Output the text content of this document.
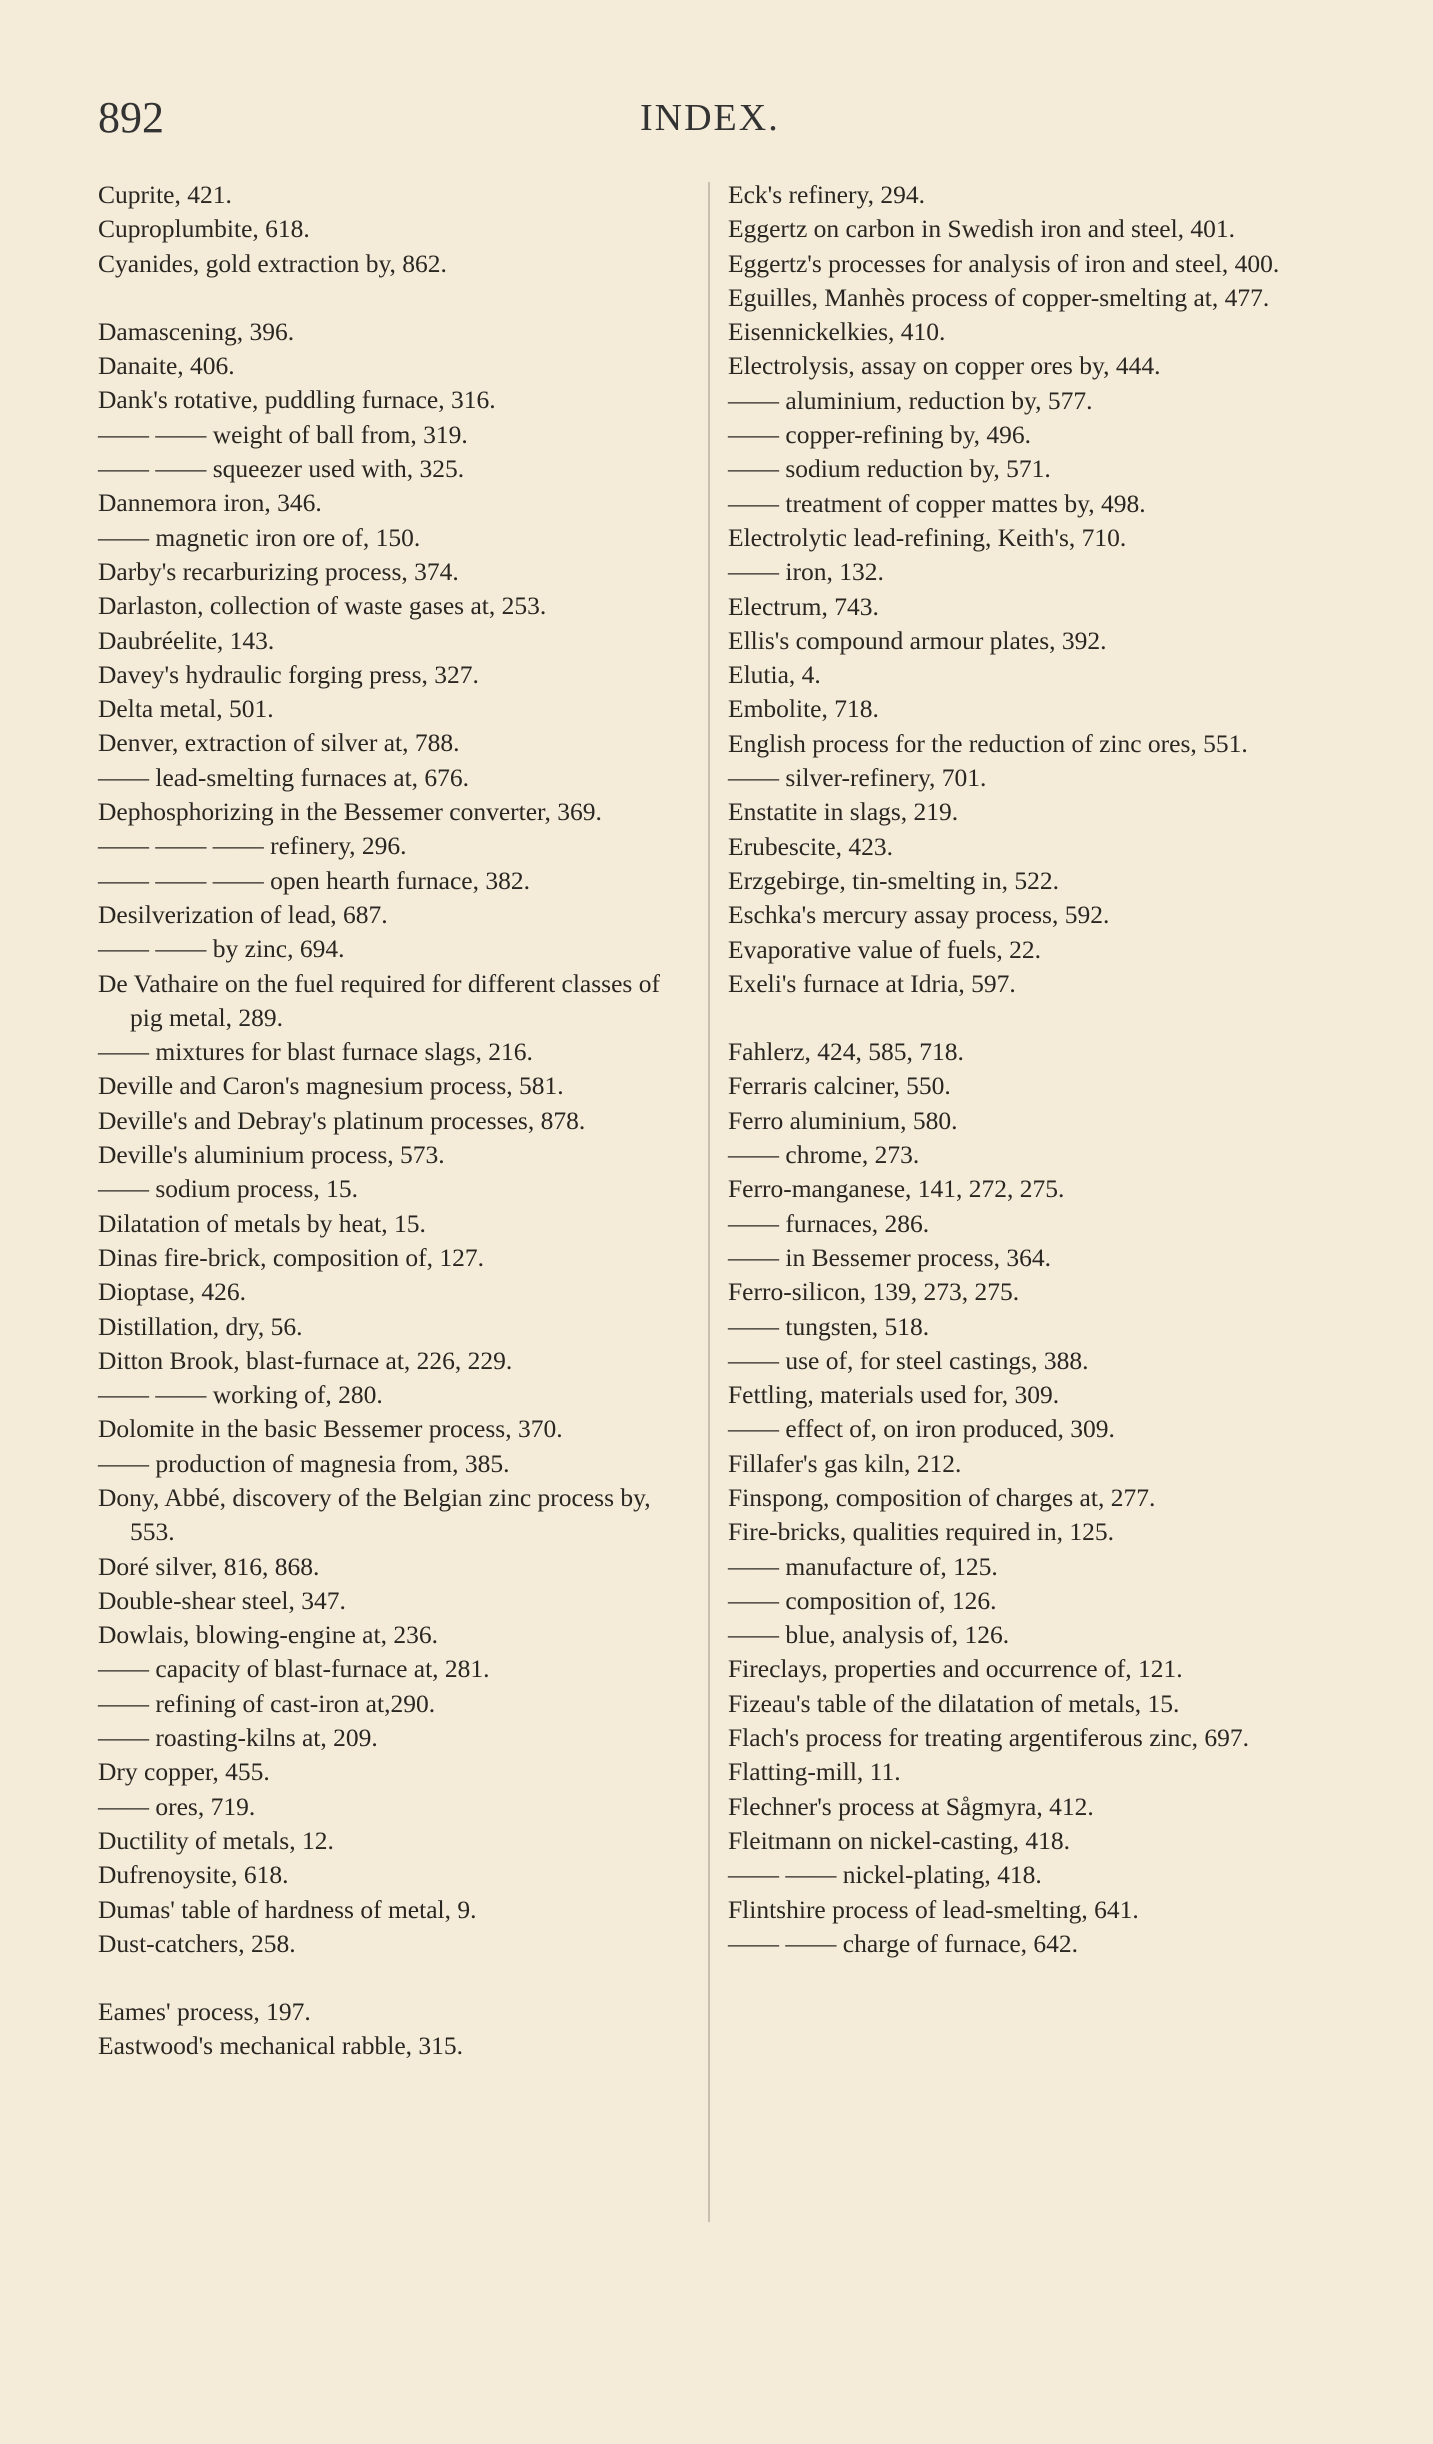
892	INDEX.
Cuprite, 421.
Cuproplumbite, 618.
Cyanides, gold extraction by, 862.
Damascening, 396.
Danaite, 406.
Dank's rotative, puddling furnace, 316.
—— —— weight of ball from, 319.
—— —— squeezer used with, 325.
Dannemora iron, 346.
—— magnetic iron ore of, 150.
Darby's recarburizing process, 374.
Darlaston, collection of waste gases at, 253.
Daubréelite, 143.
Davey's hydraulic forging press, 327.
Delta metal, 501.
Denver, extraction of silver at, 788.
—— lead-smelting furnaces at, 676.
Dephosphorizing in the Bessemer converter, 369.
—— —— —— refinery, 296.
—— —— —— open hearth furnace, 382.
Desilverization of lead, 687.
—— —— by zinc, 694.
De Vathaire on the fuel required for different classes of pig metal, 289.
—— mixtures for blast furnace slags, 216.
Deville and Caron's magnesium process, 581.
Deville's and Debray's platinum processes, 878.
Deville's aluminium process, 573.
—— sodium process, 15.
Dilatation of metals by heat, 15.
Dinas fire-brick, composition of, 127.
Dioptase, 426.
Distillation, dry, 56.
Ditton Brook, blast-furnace at, 226, 229.
—— —— working of, 280.
Dolomite in the basic Bessemer process, 370.
—— production of magnesia from, 385.
Dony, Abbé, discovery of the Belgian zinc process by, 553.
Doré silver, 816, 868.
Double-shear steel, 347.
Dowlais, blowing-engine at, 236.
—— capacity of blast-furnace at, 281.
—— refining of cast-iron at,290.
—— roasting-kilns at, 209.
Dry copper, 455.
—— ores, 719.
Ductility of metals, 12.
Dufrenoysite, 618.
Dumas' table of hardness of metal, 9.
Dust-catchers, 258.
Eames' process, 197.
Eastwood's mechanical rabble, 315.
Eck's refinery, 294.
Eggertz on carbon in Swedish iron and steel, 401.
Eggertz's processes for analysis of iron and steel, 400.
Eguilles, Manhès process of copper-smelting at, 477.
Eisennickelkies, 410.
Electrolysis, assay on copper ores by, 444.
—— aluminium, reduction by, 577.
—— copper-refining by, 496.
—— sodium reduction by, 571.
—— treatment of copper mattes by, 498.
Electrolytic lead-refining, Keith's, 710.
—— iron, 132.
Electrum, 743.
Ellis's compound armour plates, 392.
Elutia, 4.
Embolite, 718.
English process for the reduction of zinc ores, 551.
—— silver-refinery, 701.
Enstatite in slags, 219.
Erubescite, 423.
Erzgebirge, tin-smelting in, 522.
Eschka's mercury assay process, 592.
Evaporative value of fuels, 22.
Exeli's furnace at Idria, 597.
Fahlerz, 424, 585, 718.
Ferraris calciner, 550.
Ferro aluminium, 580.
—— chrome, 273.
Ferro-manganese, 141, 272, 275.
—— furnaces, 286.
—— in Bessemer process, 364.
Ferro-silicon, 139, 273, 275.
—— tungsten, 518.
—— use of, for steel castings, 388.
Fettling, materials used for, 309.
—— effect of, on iron produced, 309.
Fillafer's gas kiln, 212.
Finspong, composition of charges at, 277.
Fire-bricks, qualities required in, 125.
—— manufacture of, 125.
—— composition of, 126.
—— blue, analysis of, 126.
Fireclays, properties and occurrence of, 121.
Fizeau's table of the dilatation of metals, 15.
Flach's process for treating argentiferous zinc, 697.
Flatting-mill, 11.
Flechner's process at Sågmyra, 412.
Fleitmann on nickel-casting, 418.
—— —— nickel-plating, 418.
Flintshire process of lead-smelting, 641.
—— —— charge of furnace, 642.
